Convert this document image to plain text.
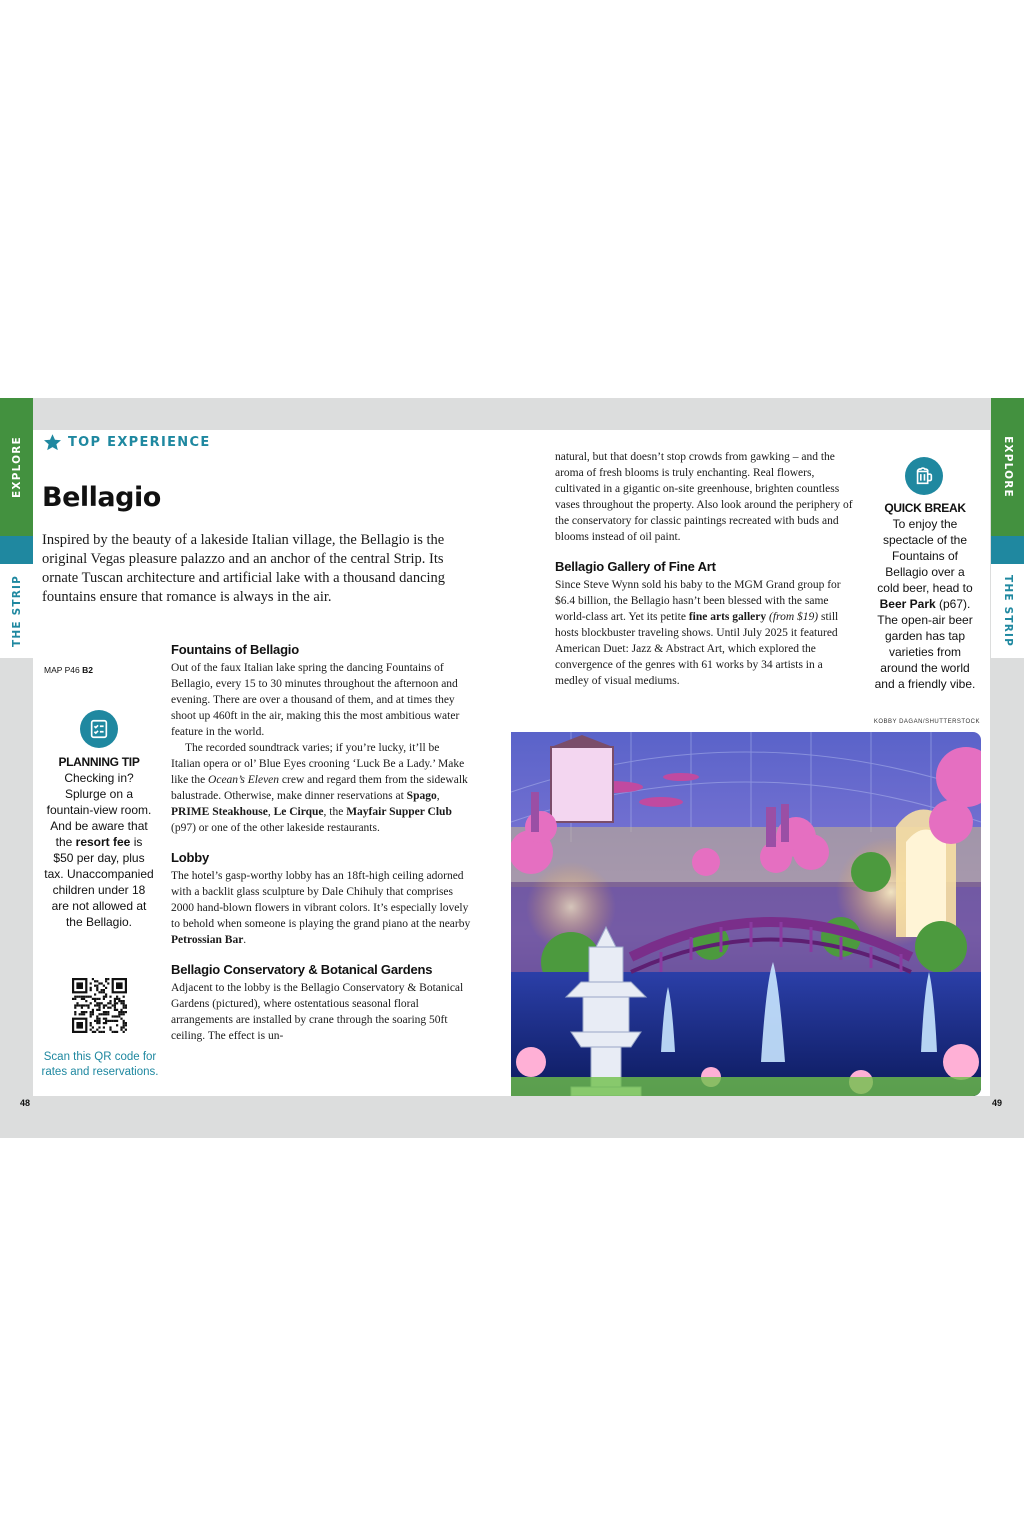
EXPLORE
THE STRIP
EXPLORE
THE STRIP
TOP EXPERIENCE
Bellagio

Inspired by the beauty of a lakeside Italian village, the Bellagio is the original Vegas pleasure palazzo and an anchor of the central Strip. Its ornate Tuscan architecture and artificial lake with a thousand dancing fountains ensure that romance is always in the air.

MAP P46 B2
PLANNING TIP
Checking in? Splurge on a fountain-view room. And be aware that the resort fee is $50 per day, plus tax. Unaccompanied children under 18 are not allowed at the Bellagio.
Scan this QR code for rates and reservations.
Fountains of Bellagio

Out of the faux Italian lake spring the dancing Fountains of Bellagio, every 15 to 30 minutes throughout the afternoon and evening. There are over a thousand of them, and at times they shoot up 460ft in the air, making this the most ambitious water feature in the world.

The recorded soundtrack varies; if you’re lucky, it’ll be Italian opera or ol’ Blue Eyes crooning ‘Luck Be a Lady.’ Make like the Ocean’s Eleven crew and regard them from the sidewalk balustrade. Otherwise, make dinner reservations at Spago, PRIME Steakhouse, Le Cirque, the Mayfair Supper Club (p97) or one of the other lakeside restaurants.

Lobby

The hotel’s gasp-worthy lobby has an 18ft-high ceiling adorned with a backlit glass sculpture by Dale Chihuly that comprises 2000 hand-blown flowers in vibrant colors. It’s especially lovely to behold when someone is playing the grand piano at the nearby Petrossian Bar.

Bellagio Conservatory & Botanical Gardens

Adjacent to the lobby is the Bellagio Conservatory & Botanical Gardens (pictured), where ostentatious seasonal floral arrangements are installed by crane through the soaring 50ft ceiling. The effect is un-

natural, but that doesn’t stop crowds from gawking – and the aroma of fresh blooms is truly enchanting. Real flowers, cultivated in a gigantic on-site greenhouse, brighten countless vases throughout the property. Also look around the periphery of the conservatory for classic paintings recreated with buds and blooms instead of oil paint.

Bellagio Gallery of Fine Art

Since Steve Wynn sold his baby to the MGM Grand group for $6.4 billion, the Bellagio hasn’t been blessed with the same world-class art. Yet its petite fine arts gallery (from $19) still hosts blockbuster traveling shows. Until July 2025 it featured American Duet: Jazz & Abstract Art, which explored the convergence of the genres with 61 works by 34 artists in a medley of visual mediums.

QUICK BREAK
To enjoy the spectacle of the Fountains of Bellagio over a cold beer, head to Beer Park (p67). The open-air beer garden has tap varieties from around the world and a friendly vibe.
KOBBY DAGAN/SHUTTERSTOCK
48	49
